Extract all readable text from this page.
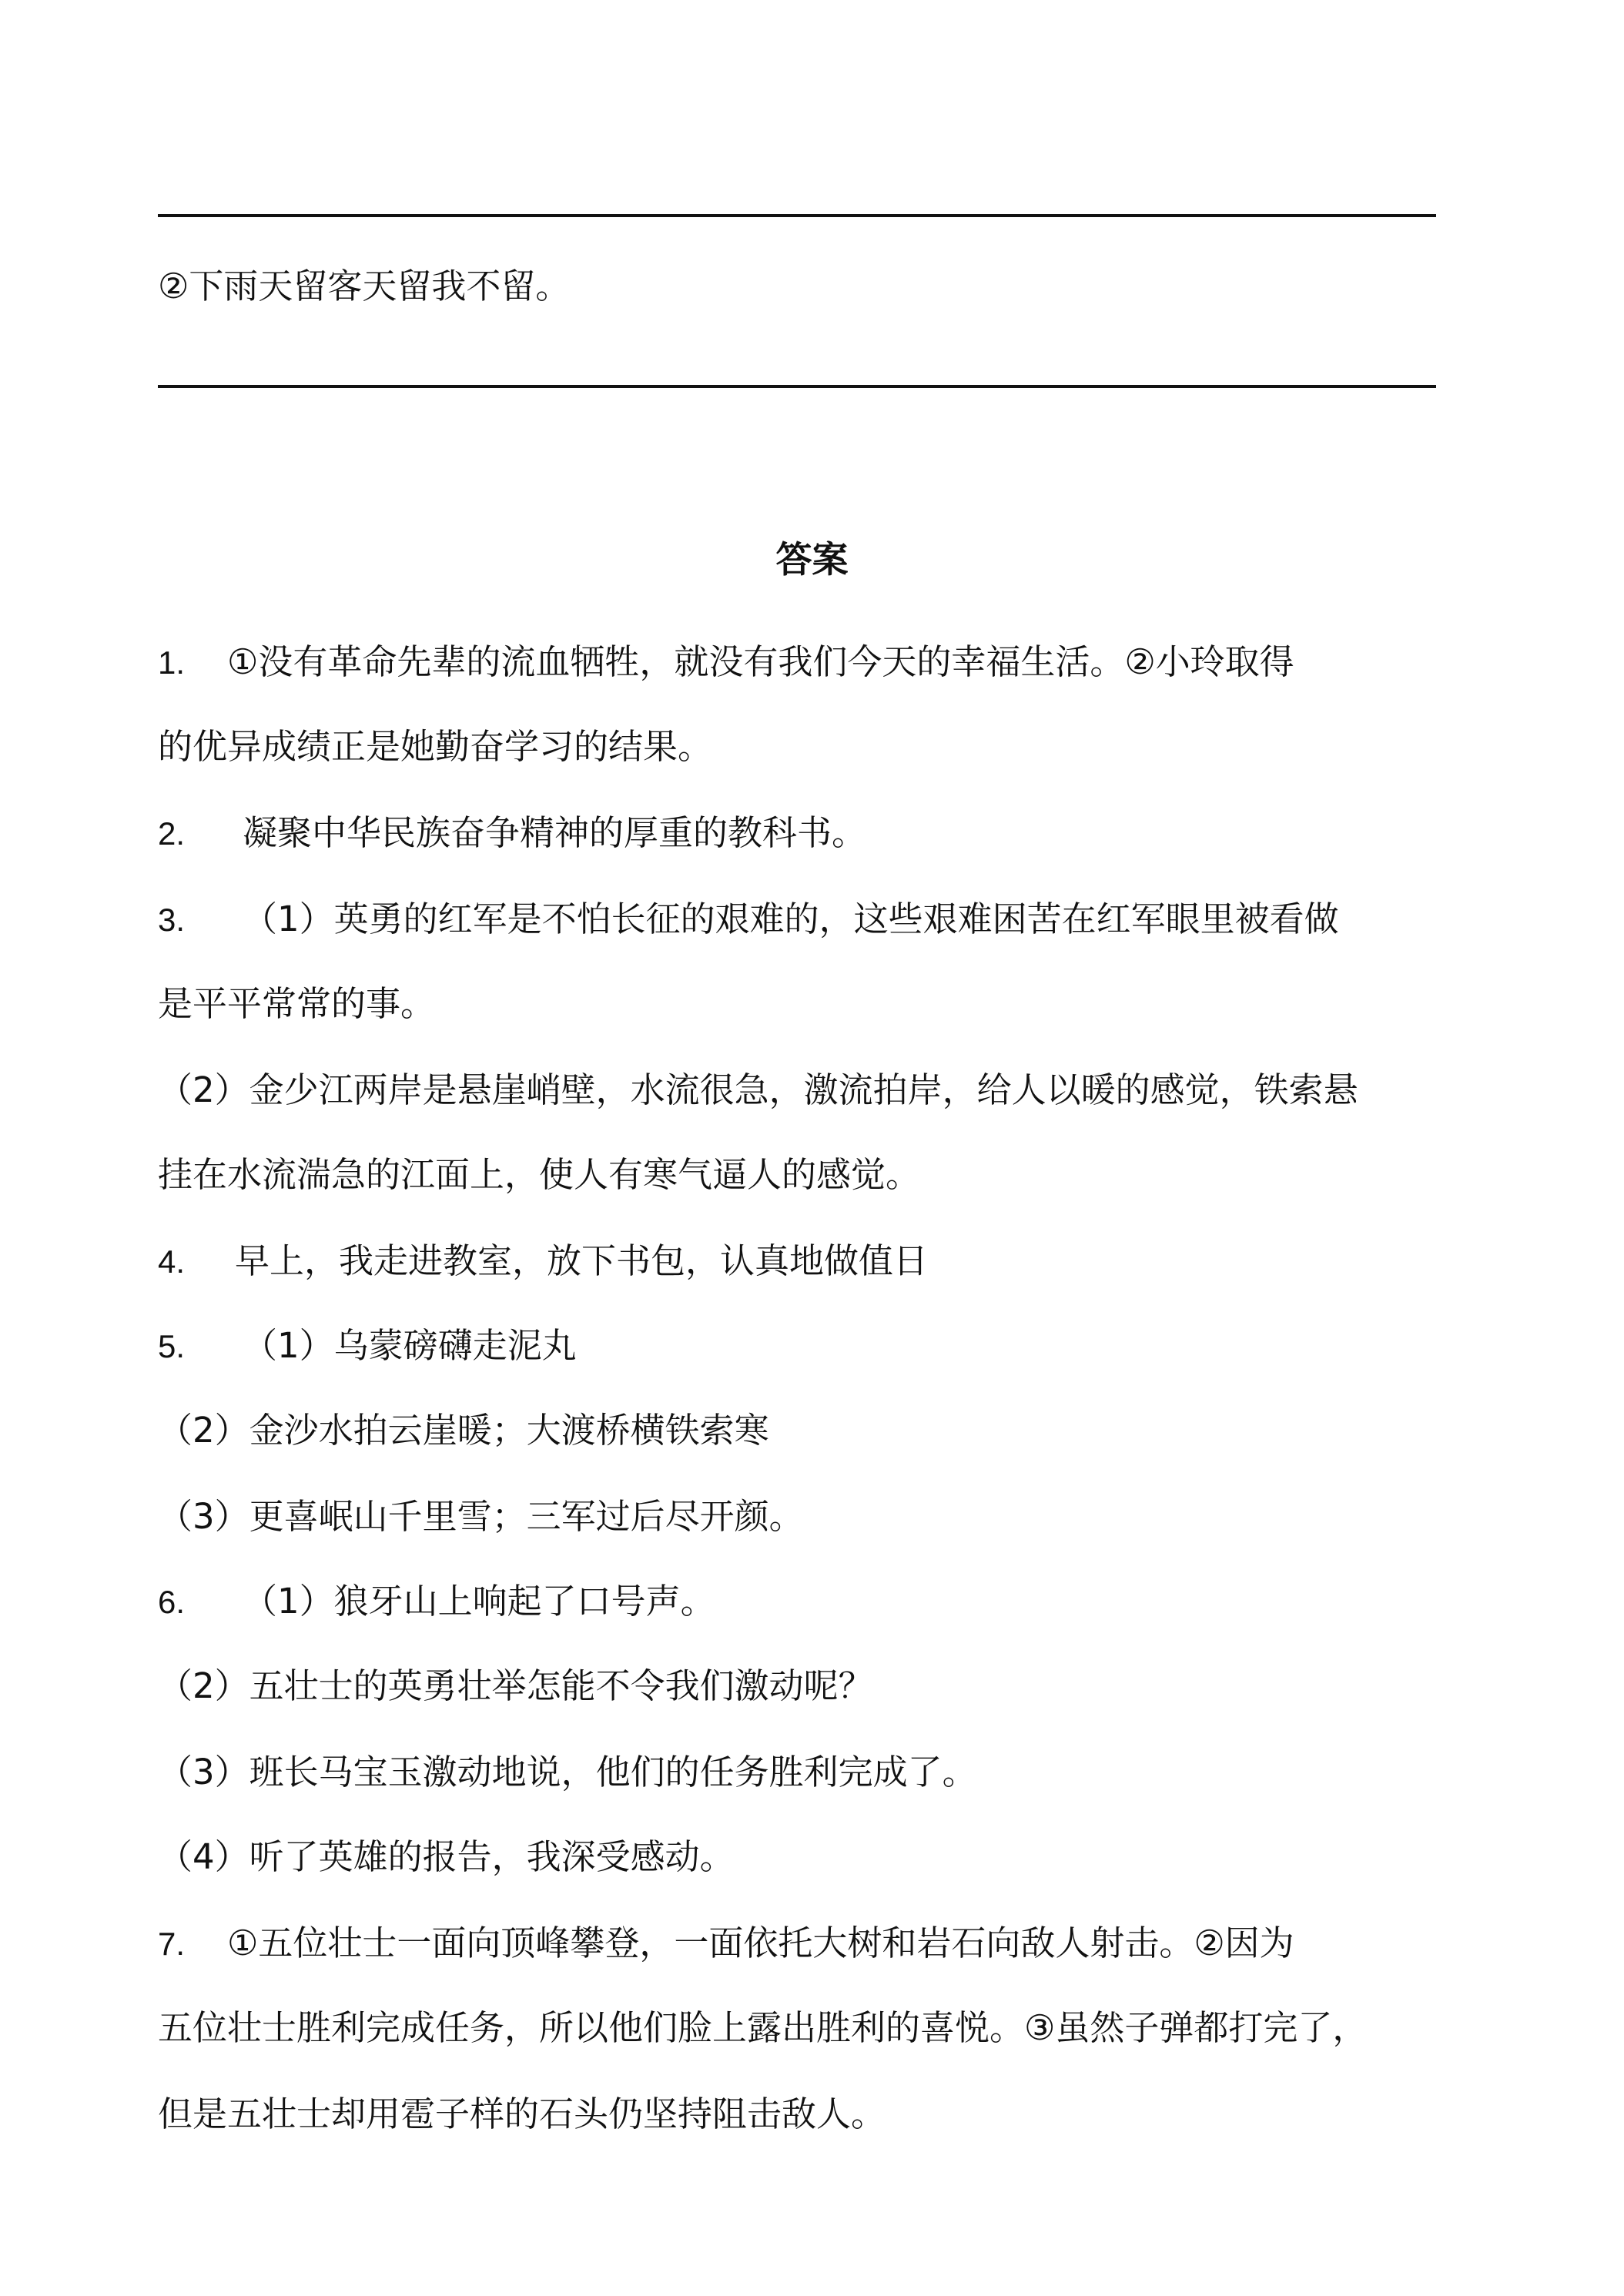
②下雨天留客天留我不留。
答案
1. ①没有革命先辈的流血牺牲，就没有我们今天的幸福生活。②小玲取得
的优异成绩正是她勤奋学习的结果。
2. 凝聚中华民族奋争精神的厚重的教科书。
3. （1）英勇的红军是不怕长征的艰难的，这些艰难困苦在红军眼里被看做
是平平常常的事。
（2）金少江两岸是悬崖峭壁，水流很急，激流拍岸，给人以暖的感觉，铁索悬
挂在水流湍急的江面上，使人有寒气逼人的感觉。
4. 早上，我走进教室，放下书包，认真地做值日
5. （1）乌蒙磅礴走泥丸
（2）金沙水拍云崖暖；大渡桥横铁索寒
（3）更喜岷山千里雪；三军过后尽开颜。
6. （1）狼牙山上响起了口号声。
（2）五壮士的英勇壮举怎能不令我们激动呢？
（3）班长马宝玉激动地说，他们的任务胜利完成了。
（4）听了英雄的报告，我深受感动。
7. ①五位壮士一面向顶峰攀登，一面依托大树和岩石向敌人射击。②因为
五位壮士胜利完成任务，所以他们脸上露出胜利的喜悦。③虽然子弹都打完了，
但是五壮士却用雹子样的石头仍坚持阻击敌人。
